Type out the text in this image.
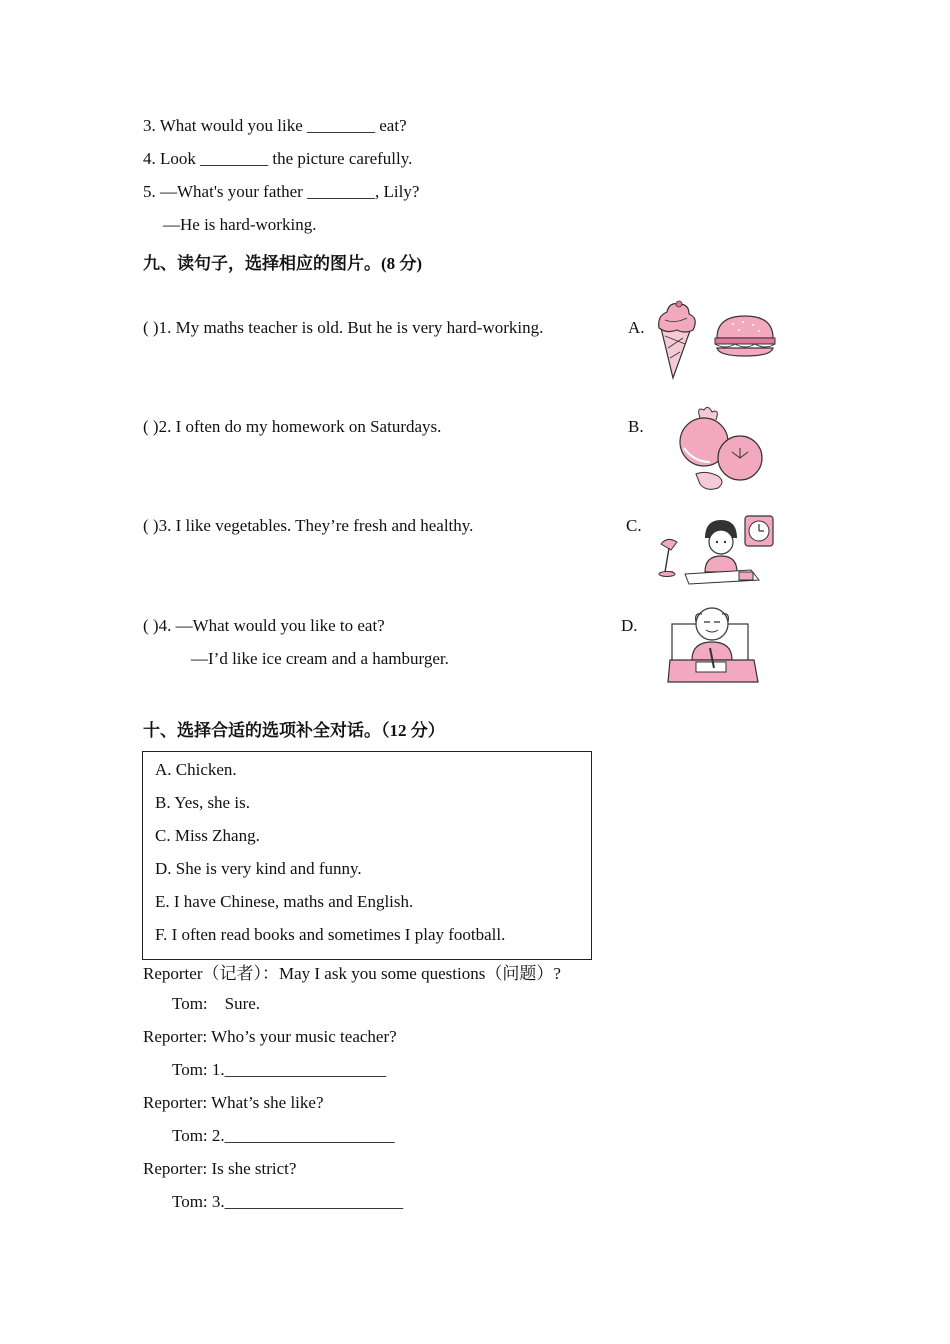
3. What would you like ________ eat?
4. Look ________ the picture carefully.
5. —What's your father ________, Lily?
—He is hard-working.
九、读句子，选择相应的图片。(8 分)
( )1. My maths teacher is old. But he is very hard-working.	A.
( )2. I often do my homework on Saturdays.	B.
( )3. I like vegetables. They’re fresh and healthy.	C.
( )4. —What would you like to eat?	D.
—I’d like ice cream and a hamburger.
十、选择合适的选项补全对话。（12 分）
A. Chicken.
B. Yes, she is.
C. Miss Zhang.
D. She is very kind and funny.
E. I have Chinese, maths and English.
F. I often read books and sometimes I play football.
Reporter（记者）：May I ask you some questions（问题）?
Tom:    Sure.
Reporter: Who’s your music teacher?
Tom: 1.___________________
Reporter: What’s she like?
Tom: 2.____________________
Reporter: Is she strict?
Tom: 3._____________________
